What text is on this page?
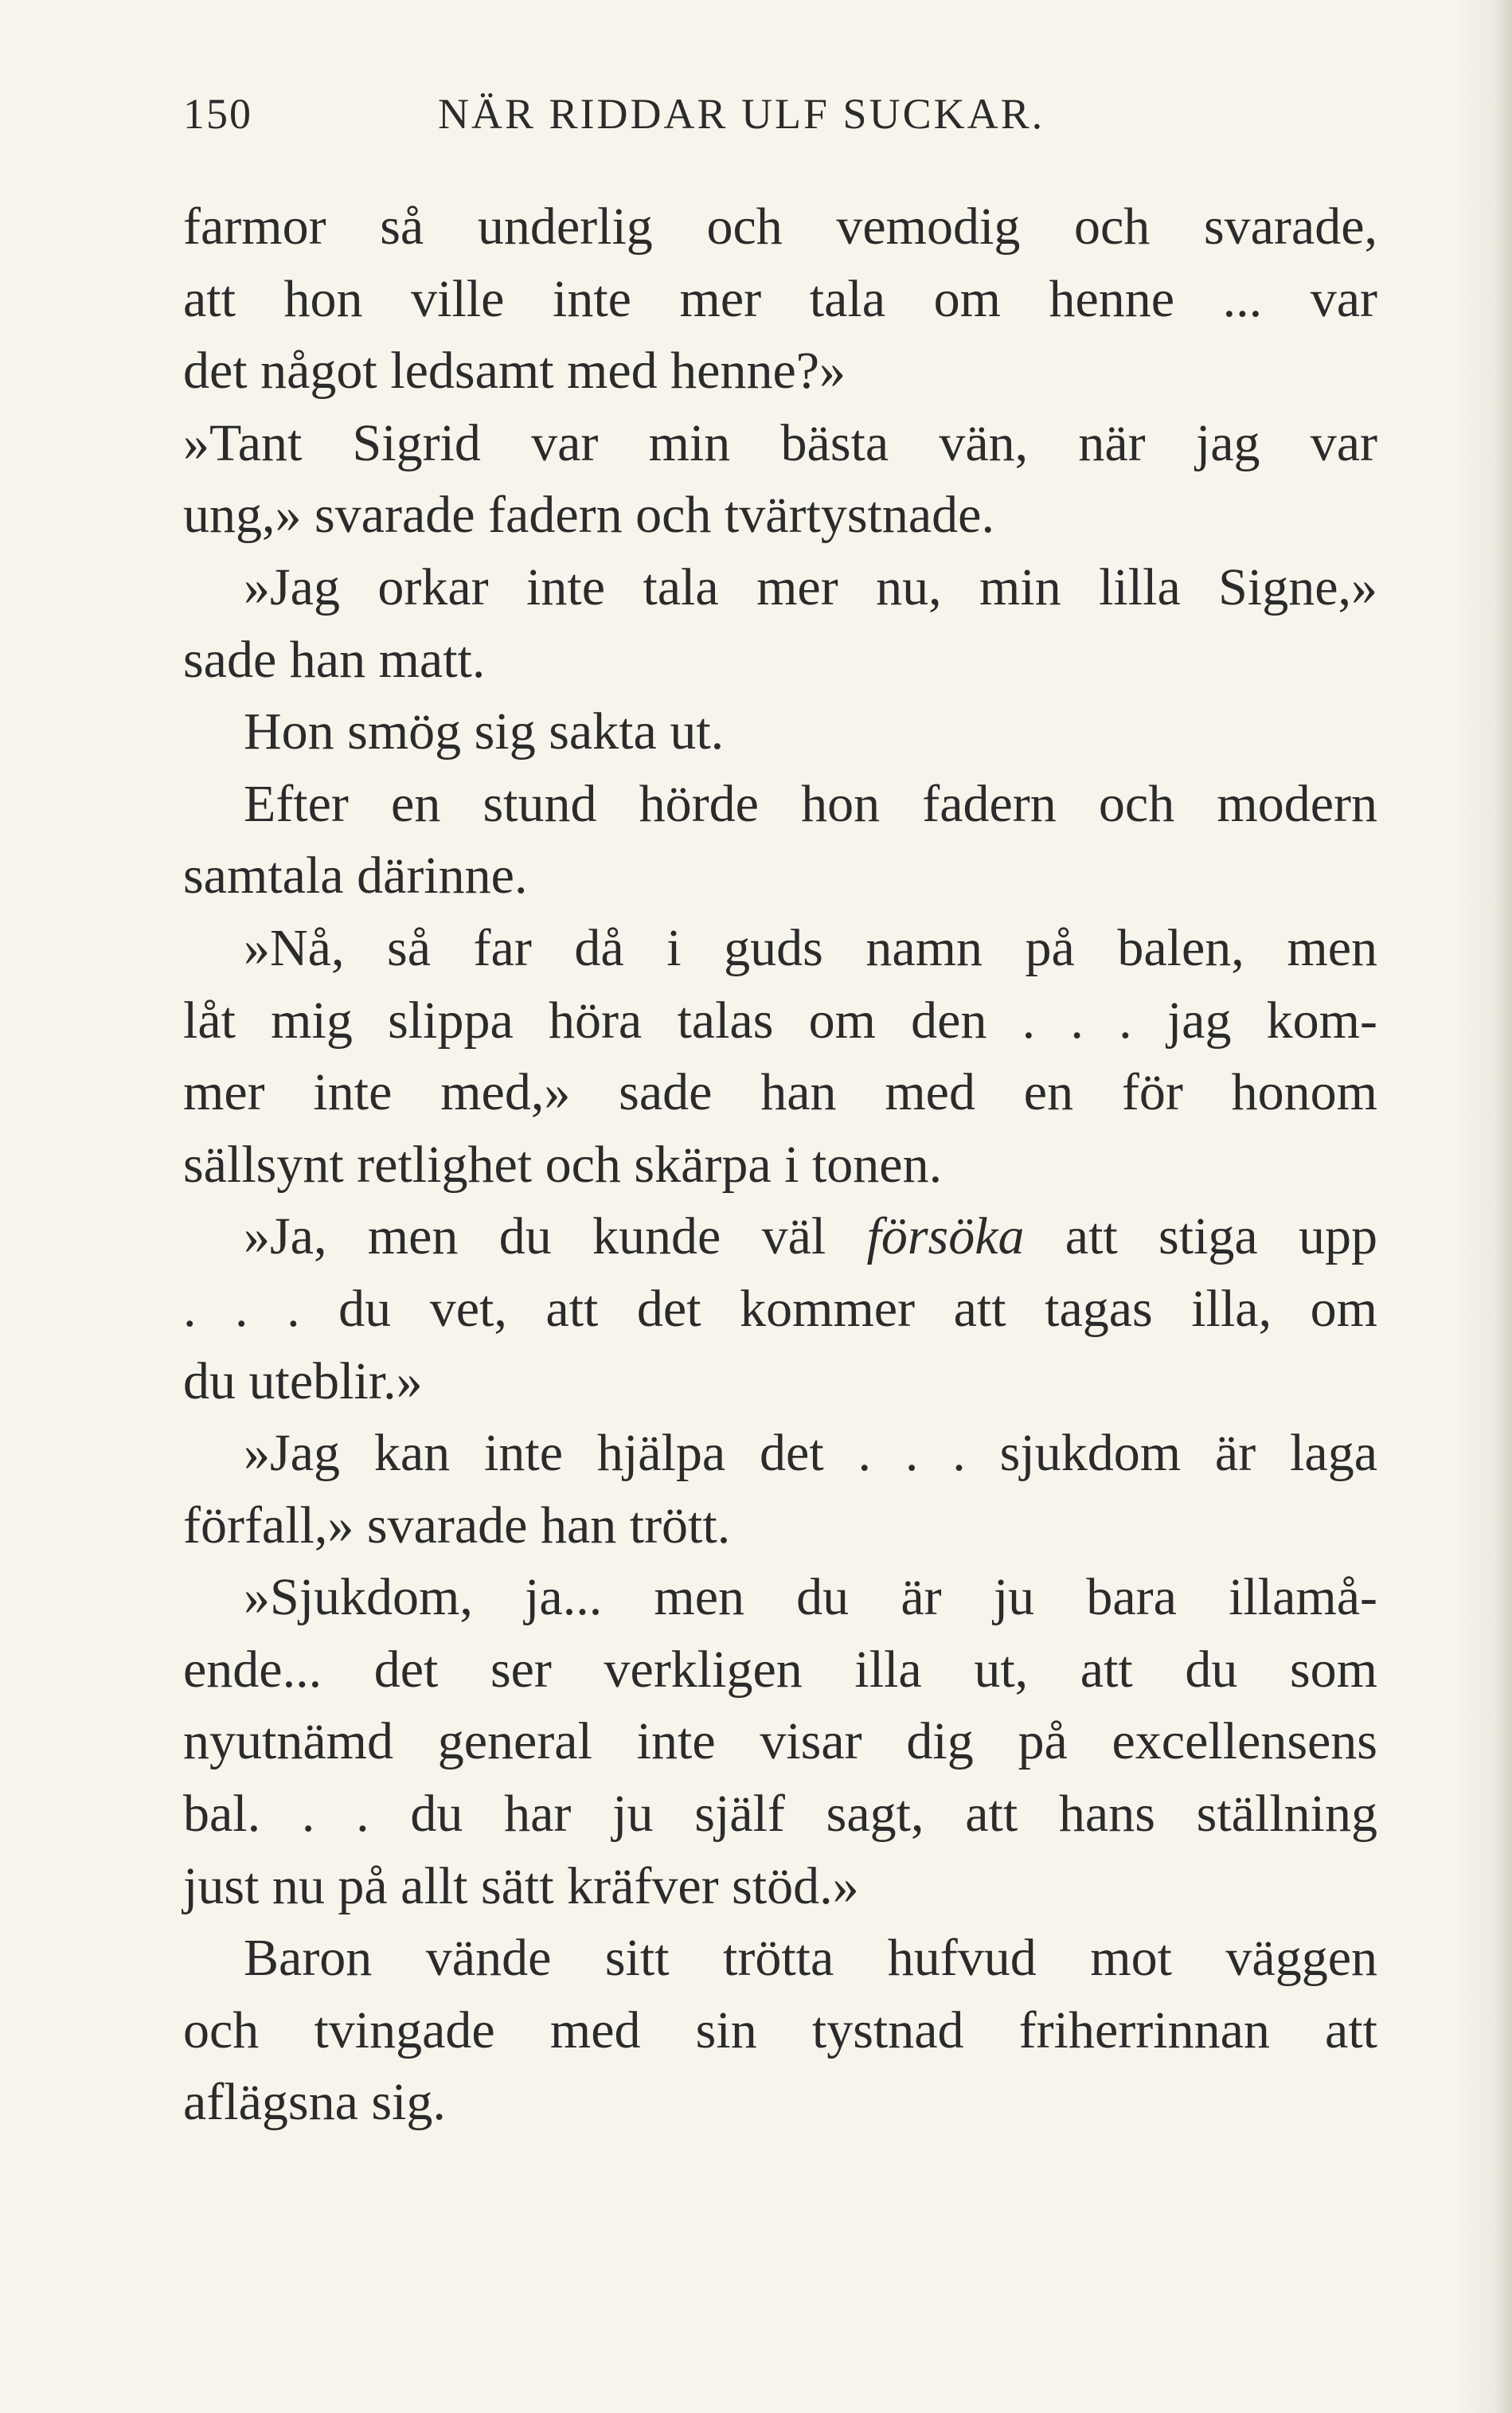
150	NÄR RIDDAR ULF SUCKAR.
farmor så underlig och vemodig och svarade,
att hon ville inte mer tala om henne ... var
det något ledsamt med henne?»
»Tant Sigrid var min bästa vän, när jag var
ung,» svarade fadern och tvärtystnade.
»Jag orkar inte tala mer nu, min lilla Signe,»
sade han matt.
Hon smög sig sakta ut.
Efter en stund hörde hon fadern och modern
samtala därinne.
»Nå, så far då i guds namn på balen, men
låt mig slippa höra talas om den . . . jag kom-
mer inte med,» sade han med en för honom
sällsynt retlighet och skärpa i tonen.
»Ja, men du kunde väl försöka att stiga upp
. . . du vet, att det kommer att tagas illa, om
du uteblir.»
»Jag kan inte hjälpa det . . . sjukdom är laga
förfall,» svarade han trött.
»Sjukdom, ja... men du är ju bara illamå-
ende... det ser verkligen illa ut, att du som
nyutnämd general inte visar dig på excellensens
bal. . . du har ju själf sagt, att hans ställning
just nu på allt sätt kräfver stöd.»
Baron vände sitt trötta hufvud mot väggen
och tvingade med sin tystnad friherrinnan att
aflägsna sig.
